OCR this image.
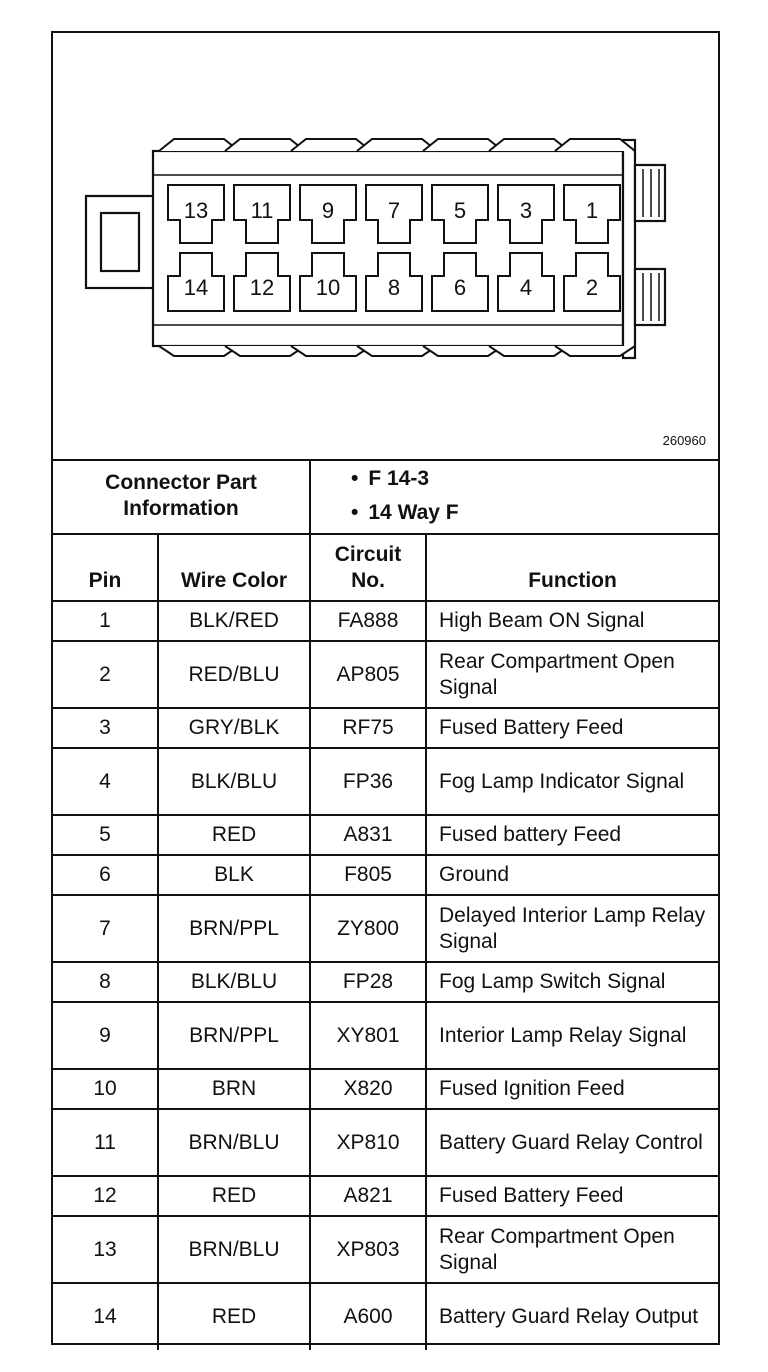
13
14
11
12
9
10
7
8
5
6
3
4
1
2
260960
Connector Part Information		• F 14-3
• 14 Way F

Pin	Wire Color	Circuit No.	Function
1	BLK/RED	FA888	High Beam ON Signal
2	RED/BLU	AP805	Rear Compartment Open Signal
3	GRY/BLK	RF75	Fused Battery Feed
4	BLK/BLU	FP36	Fog Lamp Indicator Signal
5	RED	A831	Fused battery Feed
6	BLK	F805	Ground
7	BRN/PPL	ZY800	Delayed Interior Lamp Relay Signal
8	BLK/BLU	FP28	Fog Lamp Switch Signal
9	BRN/PPL	XY801	Interior Lamp Relay Signal
10	BRN	X820	Fused Ignition Feed
11	BRN/BLU	XP810	Battery Guard Relay Control
12	RED	A821	Fused Battery Feed
13	BRN/BLU	XP803	Rear Compartment Open Signal
14	RED	A600	Battery Guard Relay Output
